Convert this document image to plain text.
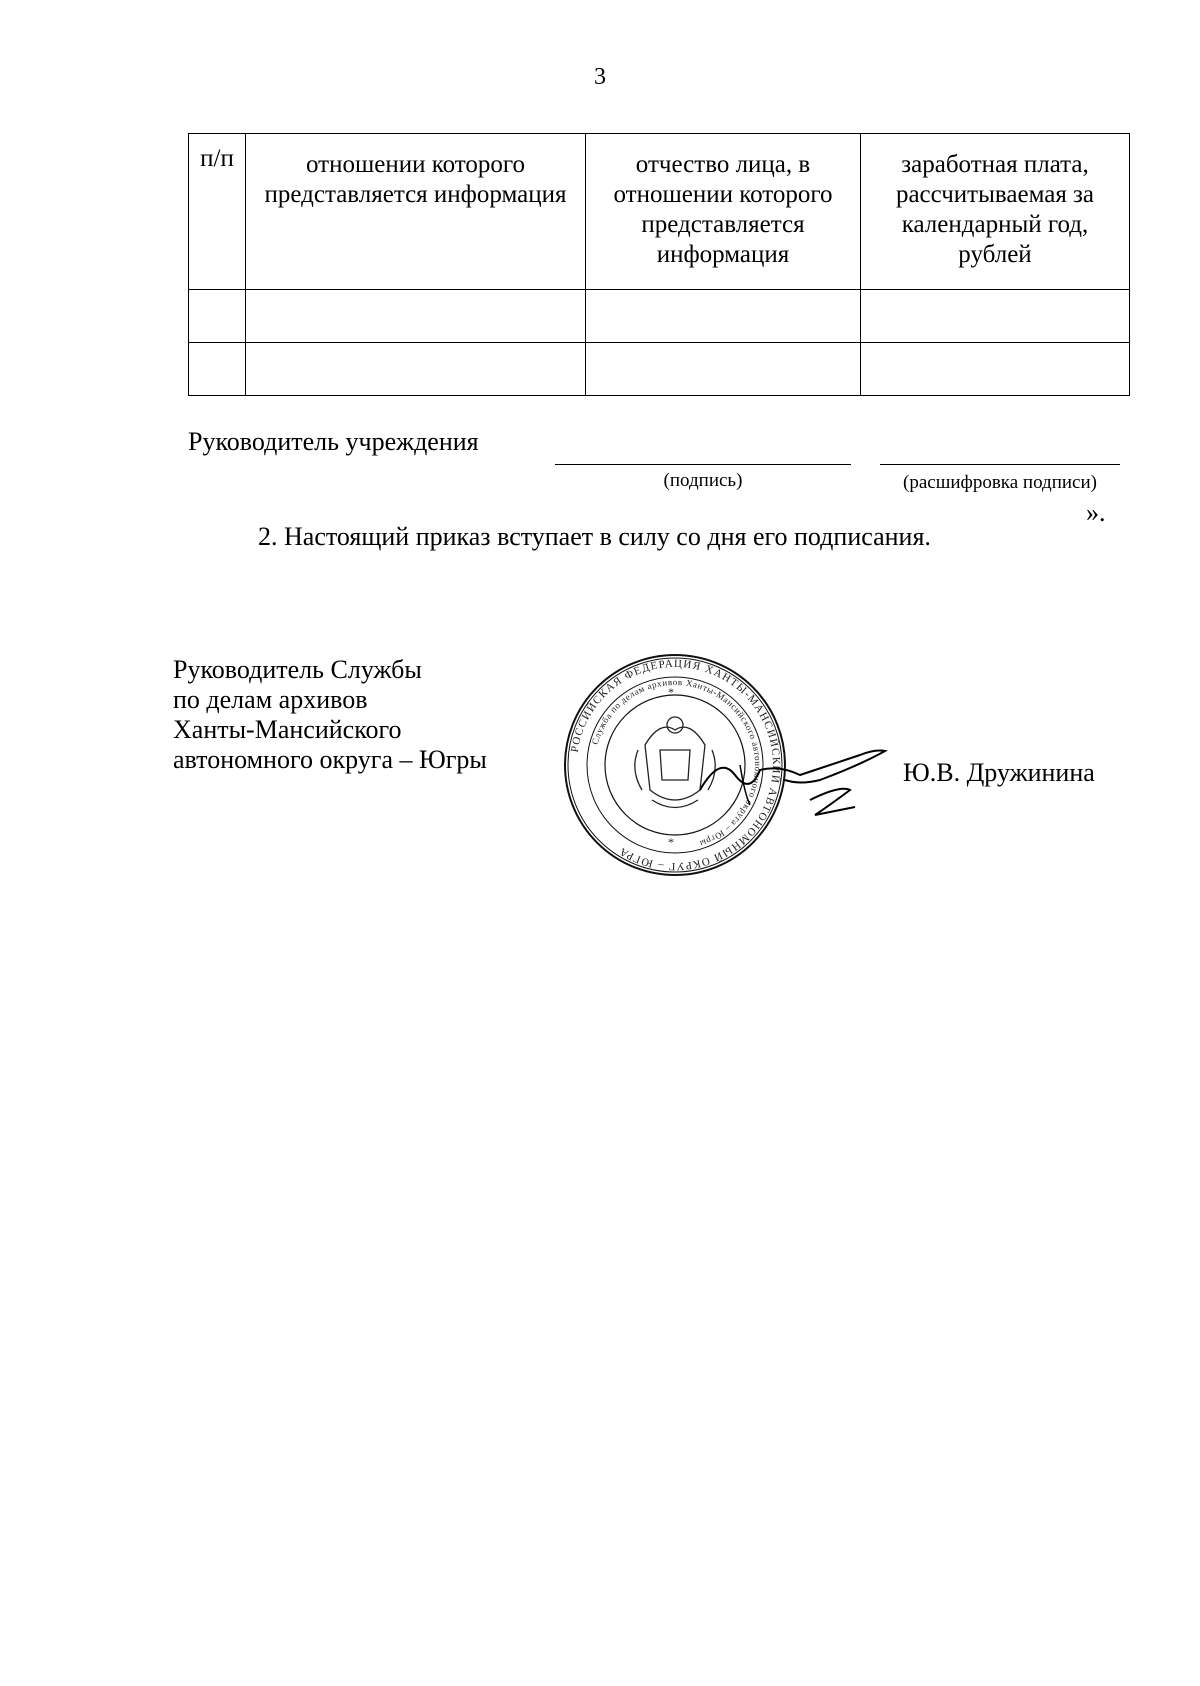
3
п/п	отношении которого представляется информация	отчество лица, в отношении которого представляется информация	заработная плата, рассчитываемая за календарный год, рублей

Руководитель учреждения
(подпись)	(расшифровка подписи)
».
2. Настоящий приказ вступает в силу со дня его подписания.
Руководитель Службы
по делам архивов
Ханты-Мансийского
автономного округа – Югры	РОССИЙСКАЯ ФЕДЕРАЦИЯ ХАНТЫ-МАНСИЙСКИЙ АВТОНОМНЫЙ ОКРУГ – ЮГРА
Служба по делам архивов Ханты-Мансийского автономного округа – Югры
*
*
Ю.В. Дружинина
